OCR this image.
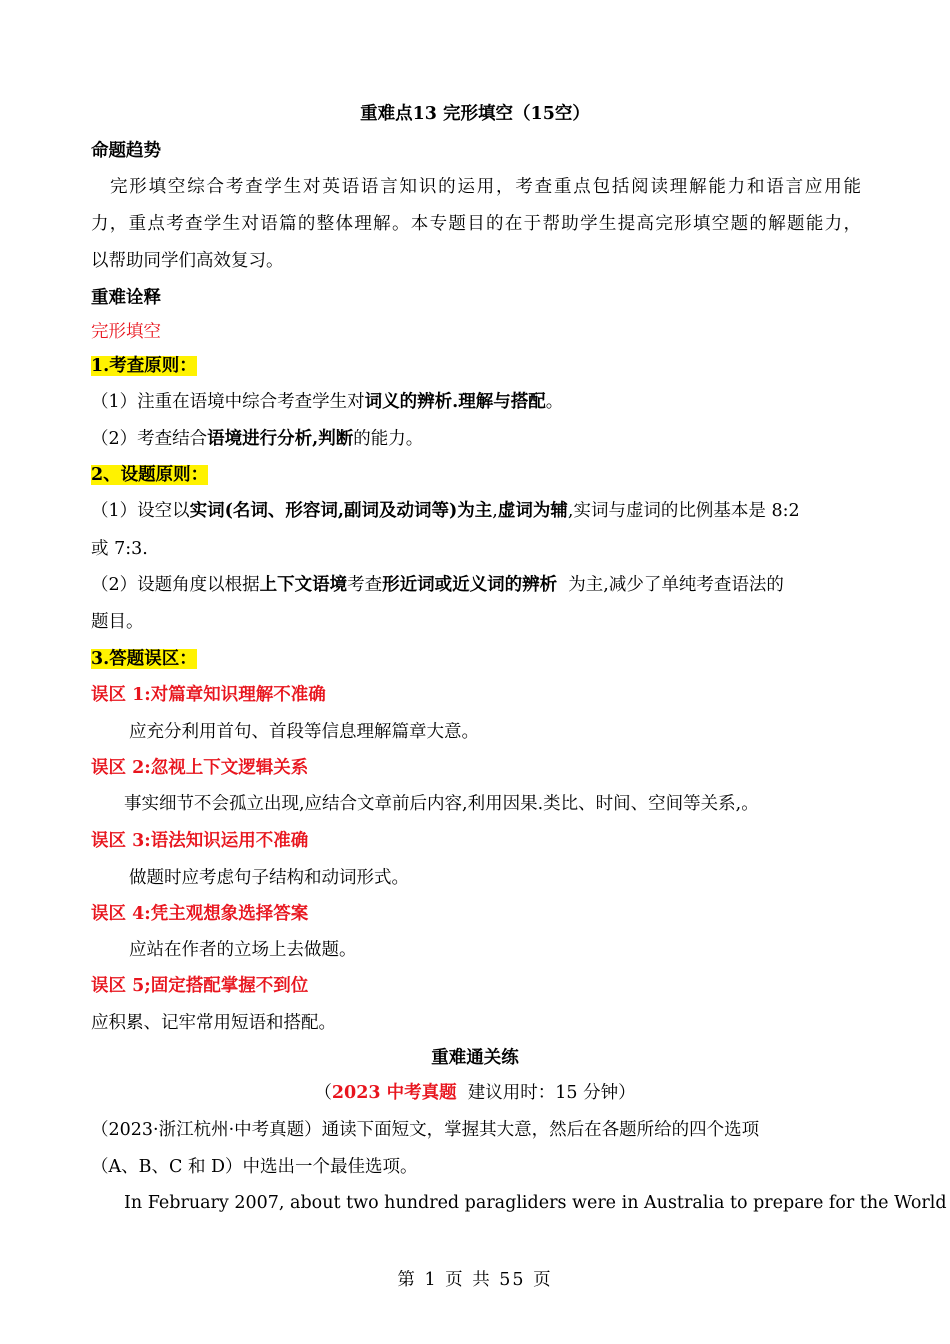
重难点13 完形填空（15空）
命题趋势
完形填空综合考查学生对英语语言知识的运用，考查重点包括阅读理解能力和语言应用能
力，重点考查学生对语篇的整体理解。本专题目的在于帮助学生提高完形填空题的解题能力，
以帮助同学们高效复习。
重难诠释
完形填空
1.考查原则：
（1）注重在语境中综合考查学生对词义的辨析.理解与搭配。
（2）考查结合语境进行分析,判断的能力。
2、设题原则：
（1）设空以实词(名词、形容词,副词及动词等)为主,虚词为辅,实词与虚词的比例基本是 8:2
或 7:3.
（2）设题角度以根据上下文语境考查形近词或近义词的辨析  为主,减少了单纯考查语法的
题目。
3.答题误区：
误区 1:对篇章知识理解不准确
应充分利用首句、首段等信息理解篇章大意。
误区 2:忽视上下文逻辑关系
事实细节不会孤立出现,应结合文章前后内容,利用因果.类比、时间、空间等关系,。
误区 3:语法知识运用不准确
做题时应考虑句子结构和动词形式。
误区 4:凭主观想象选择答案
应站在作者的立场上去做题。
误区 5;固定搭配掌握不到位
应积累、记牢常用短语和搭配。
重难通关练
（2023 中考真题  建议用时：15 分钟）
（2023·浙江杭州·中考真题）通读下面短文，掌握其大意，然后在各题所给的四个选项
（A、B、C 和 D）中选出一个最佳选项。
In February 2007, about two hundred paragliders were in Australia to prepare for the World
第 1 页 共 55 页
